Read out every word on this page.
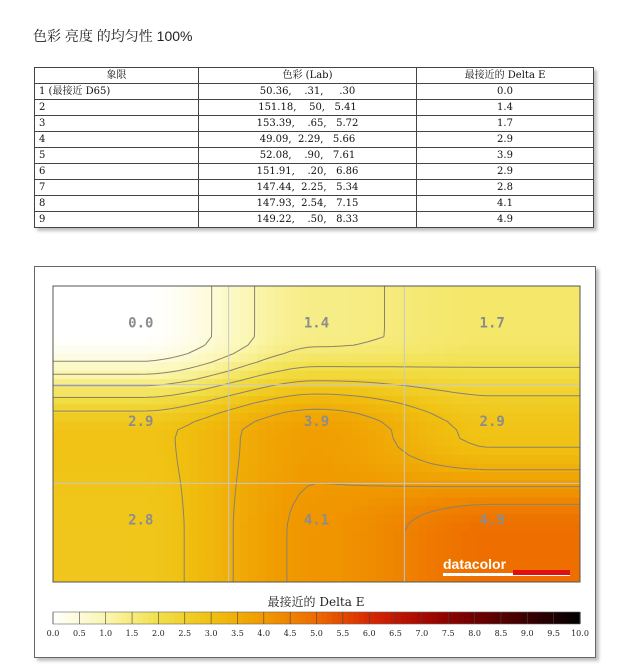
色彩 亮度 的均匀性 100%
象限	色彩 (Lab)	最接近的 Delta E
1 (最接近 D65)	50.36,    .31,     .30	0.0
2	151.18,    50,   5.41	1.4
3	153.39,    .65,   5.72	1.7
4	49.09,  2.29,   5.66	2.9
5	52.08,    .90,   7.61	3.9
6	151.91,    .20,   6.86	2.9
7	147.44,  2.25,   5.34	2.8
8	147.93,  2.54,   7.15	4.1
9	149.22,    .50,   8.33	4.9
0.0	1.4	1.7
2.9	3.9	2.9
2.8	4.1	4.9
datacolor
最接近的 Delta E
0.0 0.5 1.0 1.5 2.0 2.5 3.0 3.5 4.0 4.5 5.0 5.5 6.0 6.5 7.0 7.5 8.0 8.5 9.0 9.5 10.0
